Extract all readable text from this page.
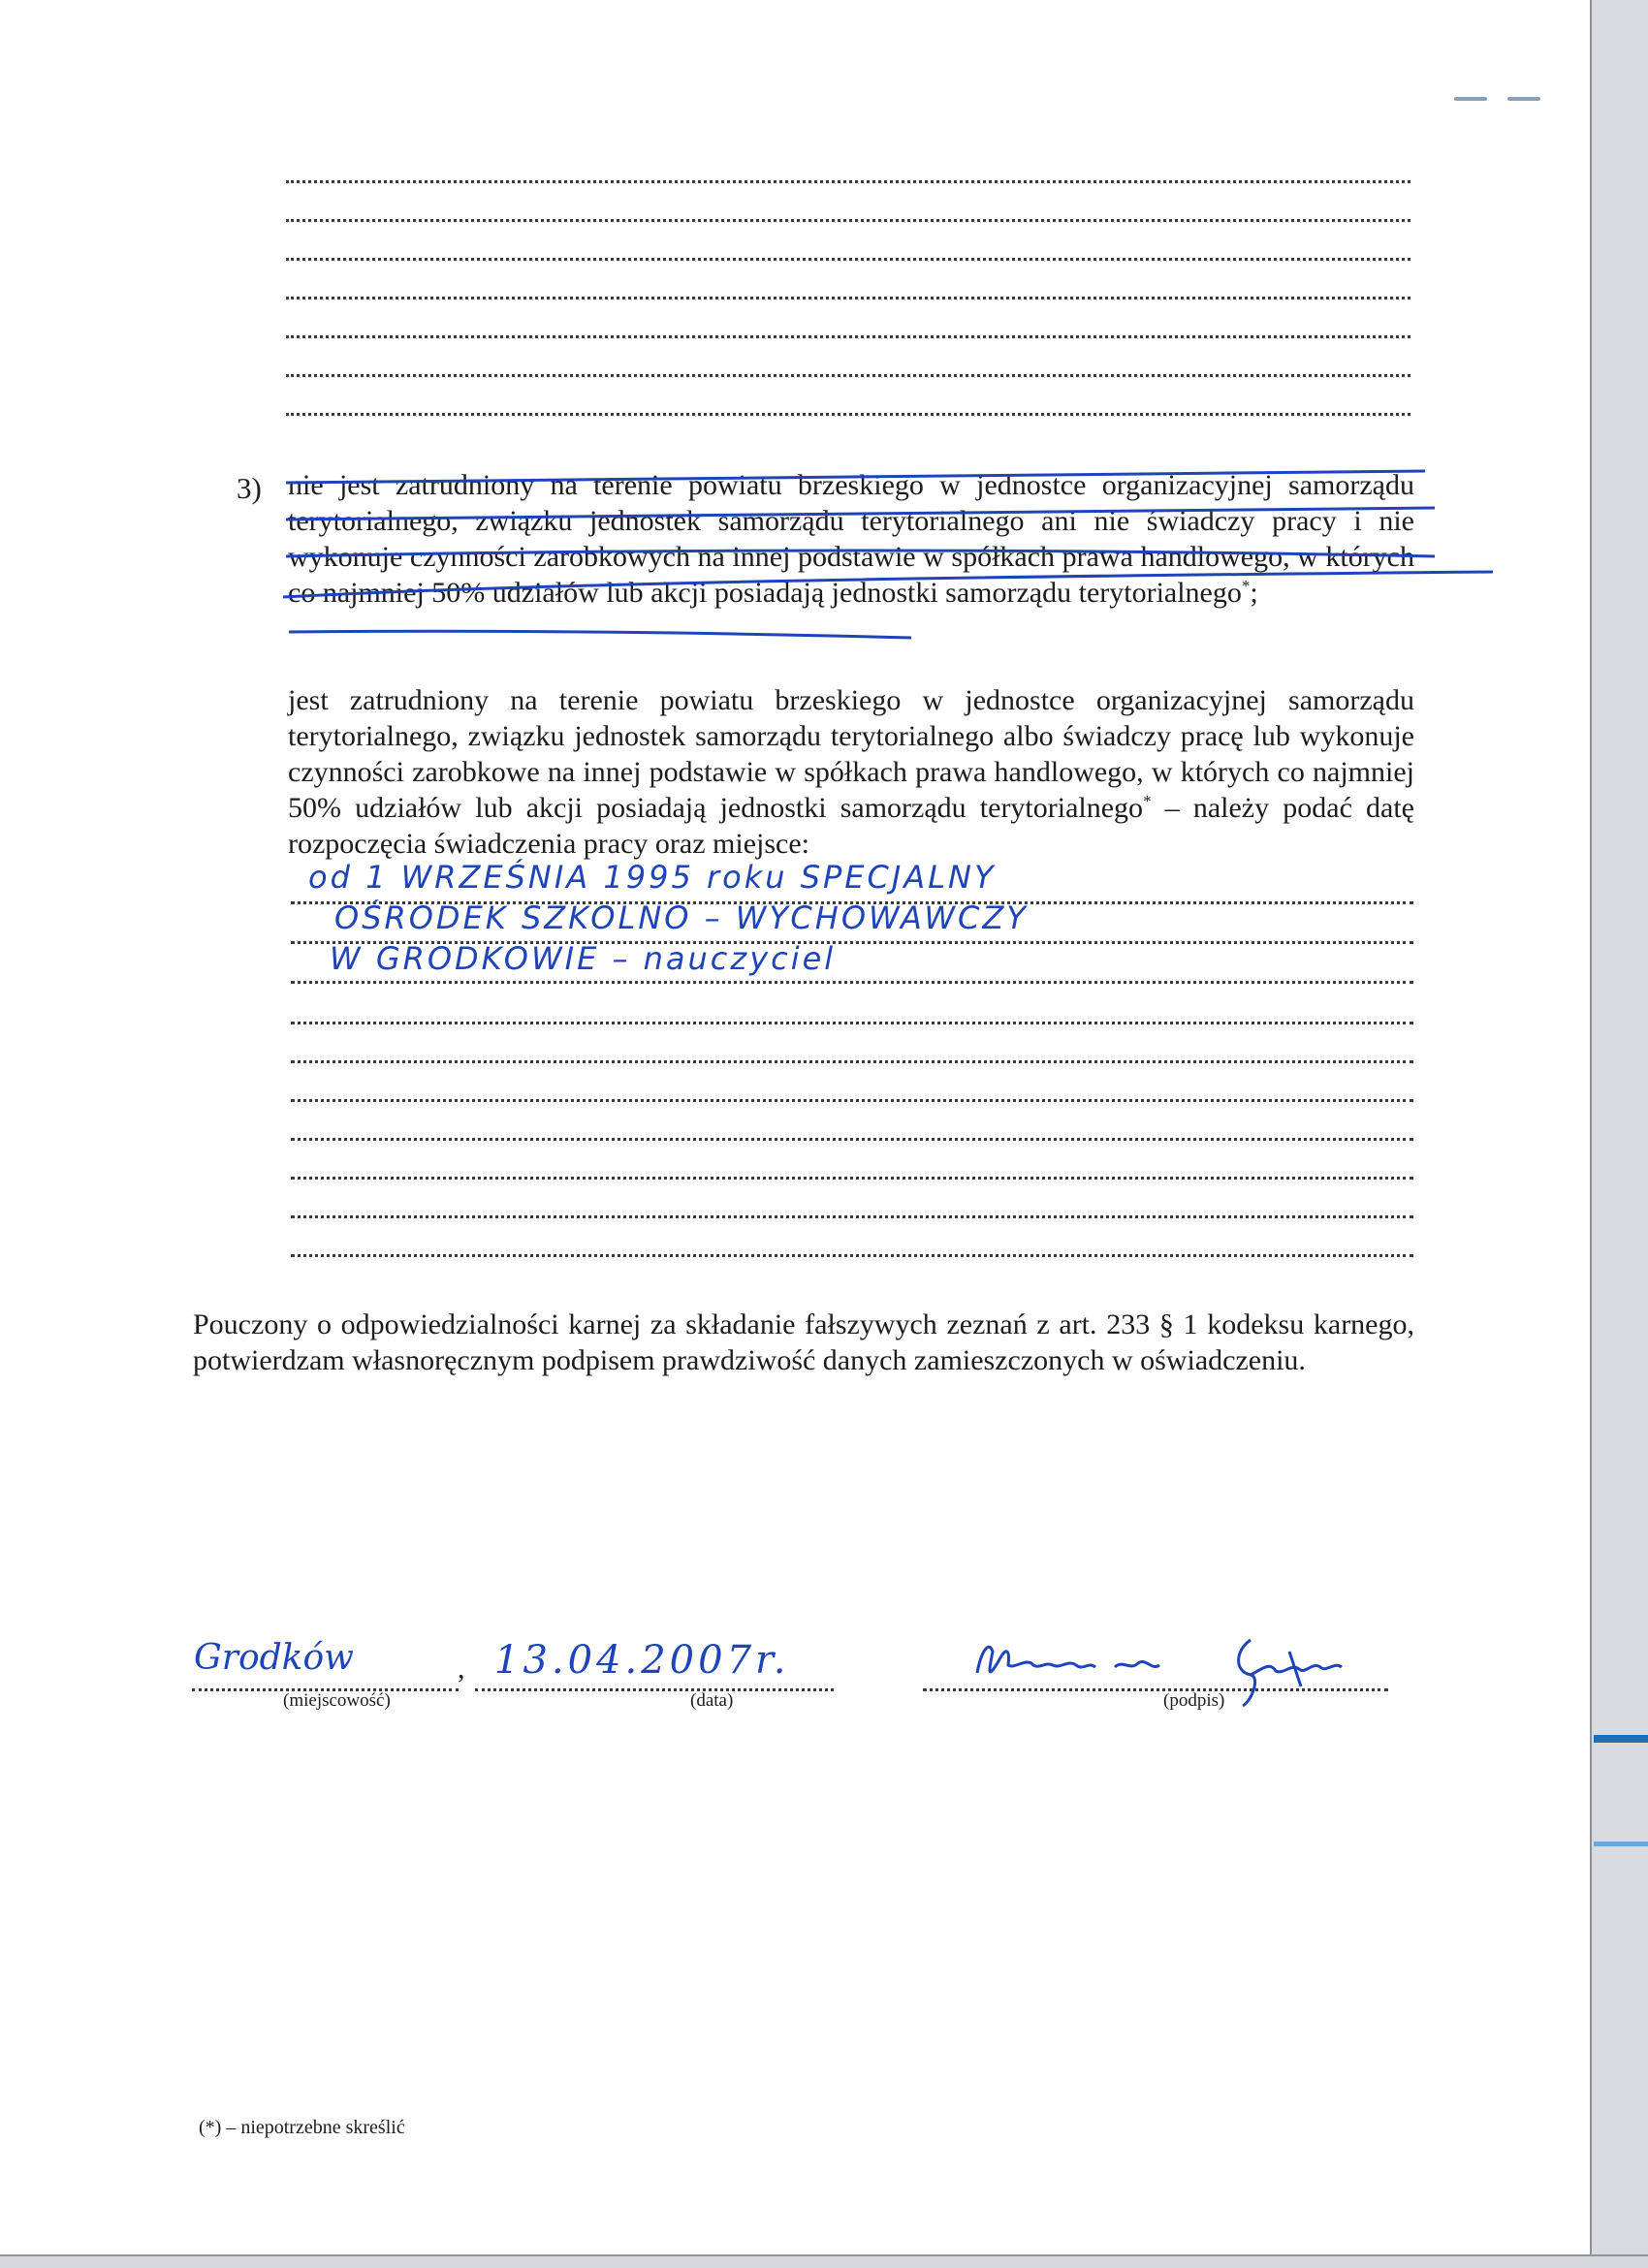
3) nie jest zatrudniony na terenie powiatu brzeskiego w jednostce organizacyjnej samorządu terytorialnego, związku jednostek samorządu terytorialnego ani nie świadczy pracy i nie wykonuje czynności zarobkowych na innej podstawie w spółkach prawa handlowego, w których co najmniej 50% udziałów lub akcji posiadają jednostki samorządu terytorialnego*;

jest zatrudniony na terenie powiatu brzeskiego w jednostce organizacyjnej samorządu terytorialnego, związku jednostek samorządu terytorialnego albo świadczy pracę lub wykonuje czynności zarobkowe na innej podstawie w spółkach prawa handlowego, w których co najmniej 50% udziałów lub akcji posiadają jednostki samorządu terytorialnego* – należy podać datę rozpoczęcia świadczenia pracy oraz miejsce:

od 1 WRZEŚNIA 1995 roku SPECJALNY
OŚRODEK SZKOLNO – WYCHOWAWCZY
W GRODKOWIE – nauczyciel

Pouczony o odpowiedzialności karnej za składanie fałszywych zeznań z art. 233 § 1 kodeksu karnego, potwierdzam własnoręcznym podpisem prawdziwość danych zamieszczonych w oświadczeniu.

Grodków	,
(miejscowość)
13.04.2007r.
(data)	(podpis)
(*) – niepotrzebne skreślić
